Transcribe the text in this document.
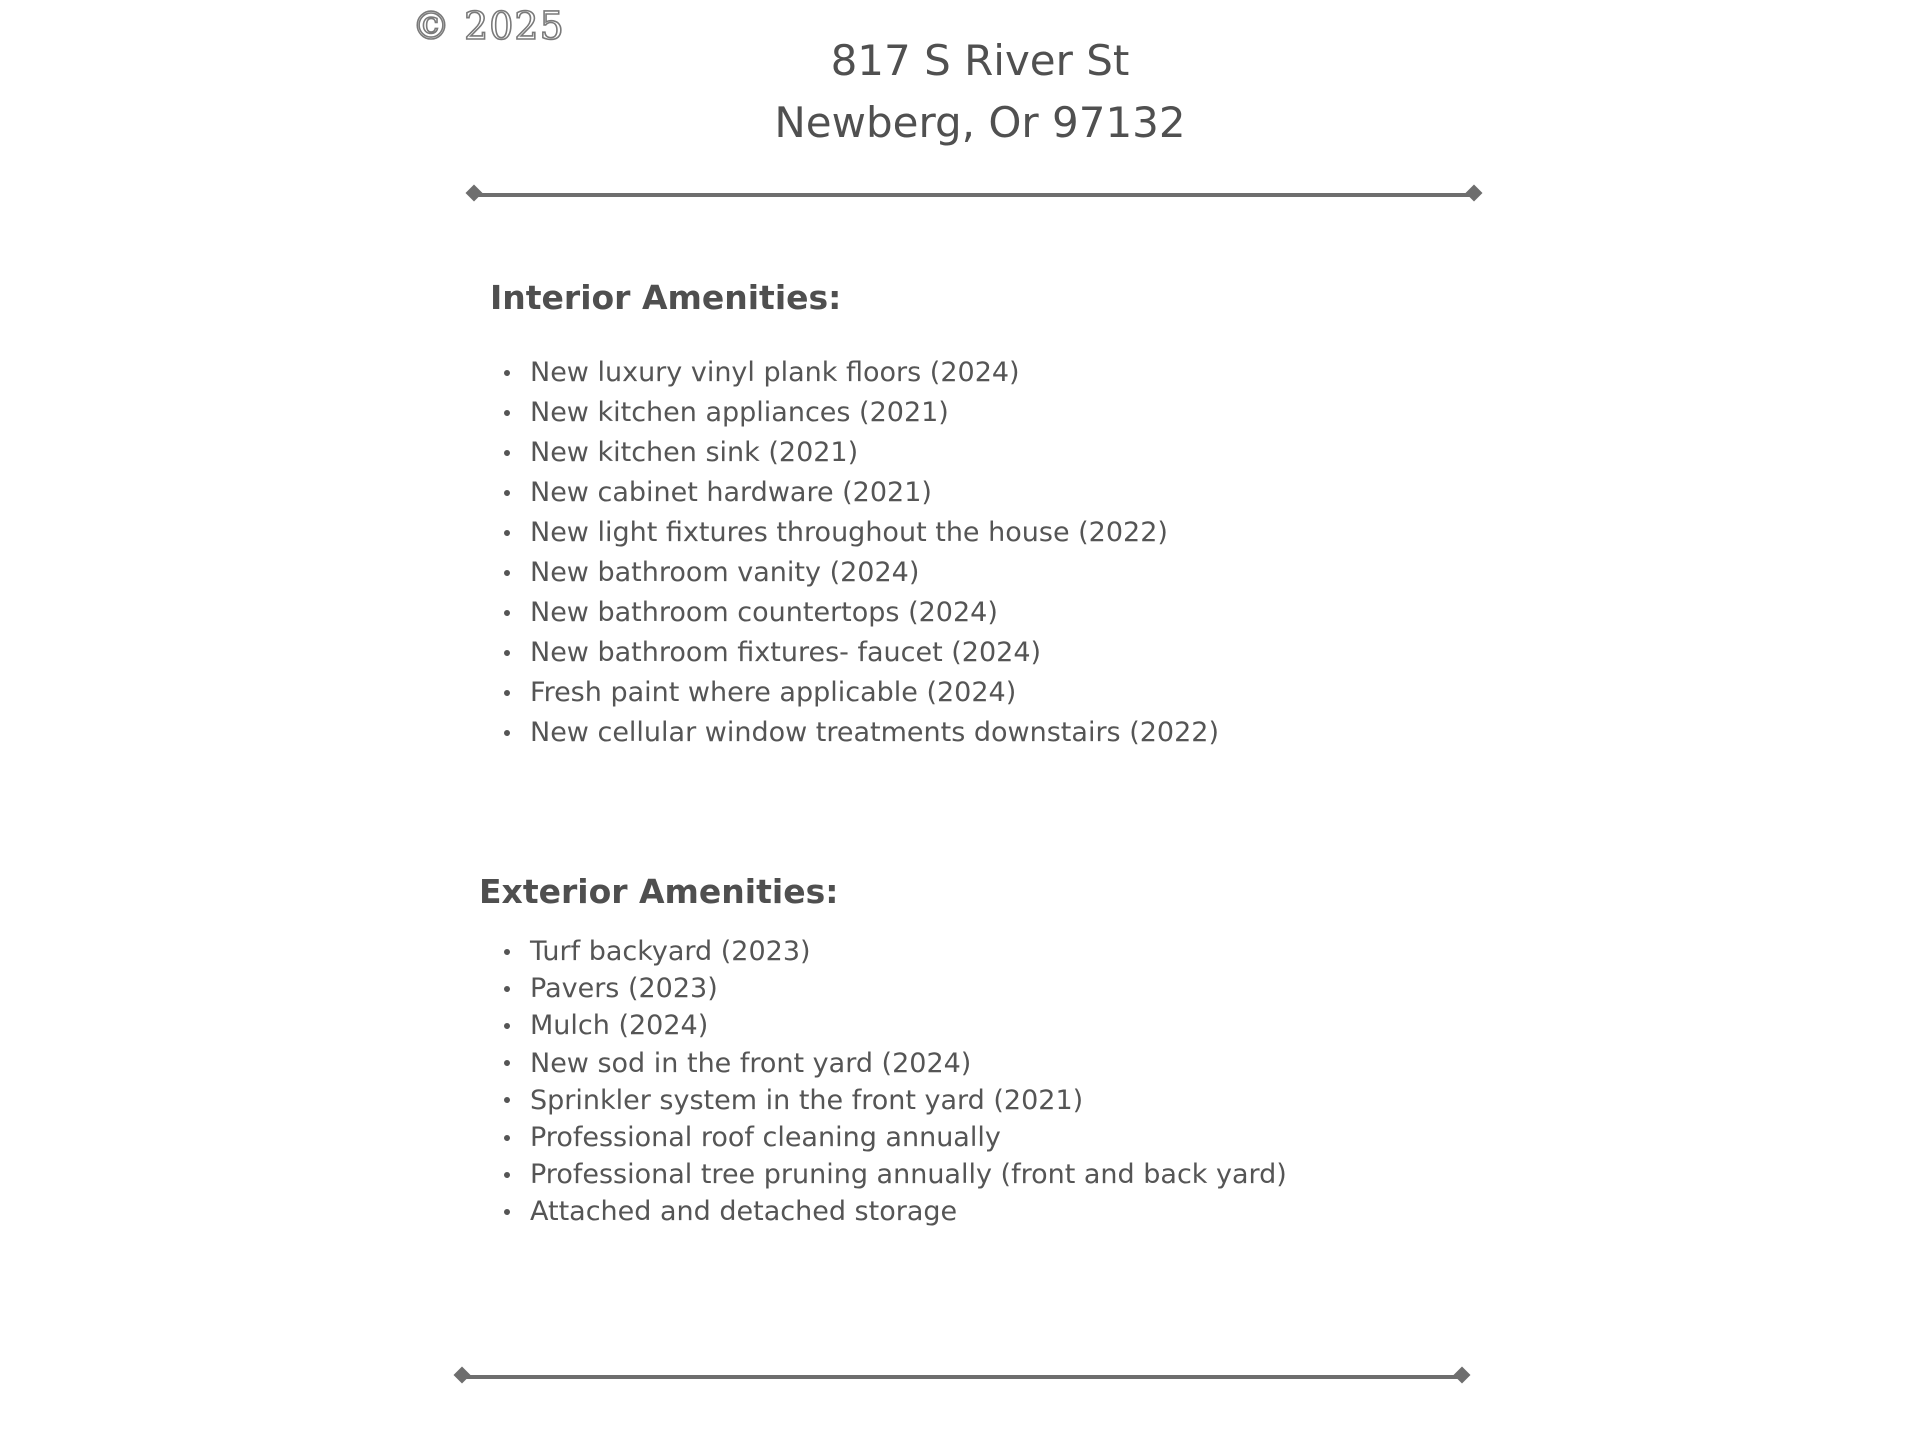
© 2025

817 S River St
Newberg, Or 97132
Interior Amenities:
New luxury vinyl plank floors (2024)
New kitchen appliances (2021)
New kitchen sink (2021)
New cabinet hardware (2021)
New light fixtures throughout the house (2022)
New bathroom vanity (2024)
New bathroom countertops (2024)
New bathroom fixtures- faucet (2024)
Fresh paint where applicable (2024)
New cellular window treatments downstairs (2022)
Exterior Amenities:
Turf backyard (2023)
Pavers (2023)
Mulch (2024)
New sod in the front yard (2024)
Sprinkler system in the front yard (2021)
Professional roof cleaning annually
Professional tree pruning annually (front and back yard)
Attached and detached storage
